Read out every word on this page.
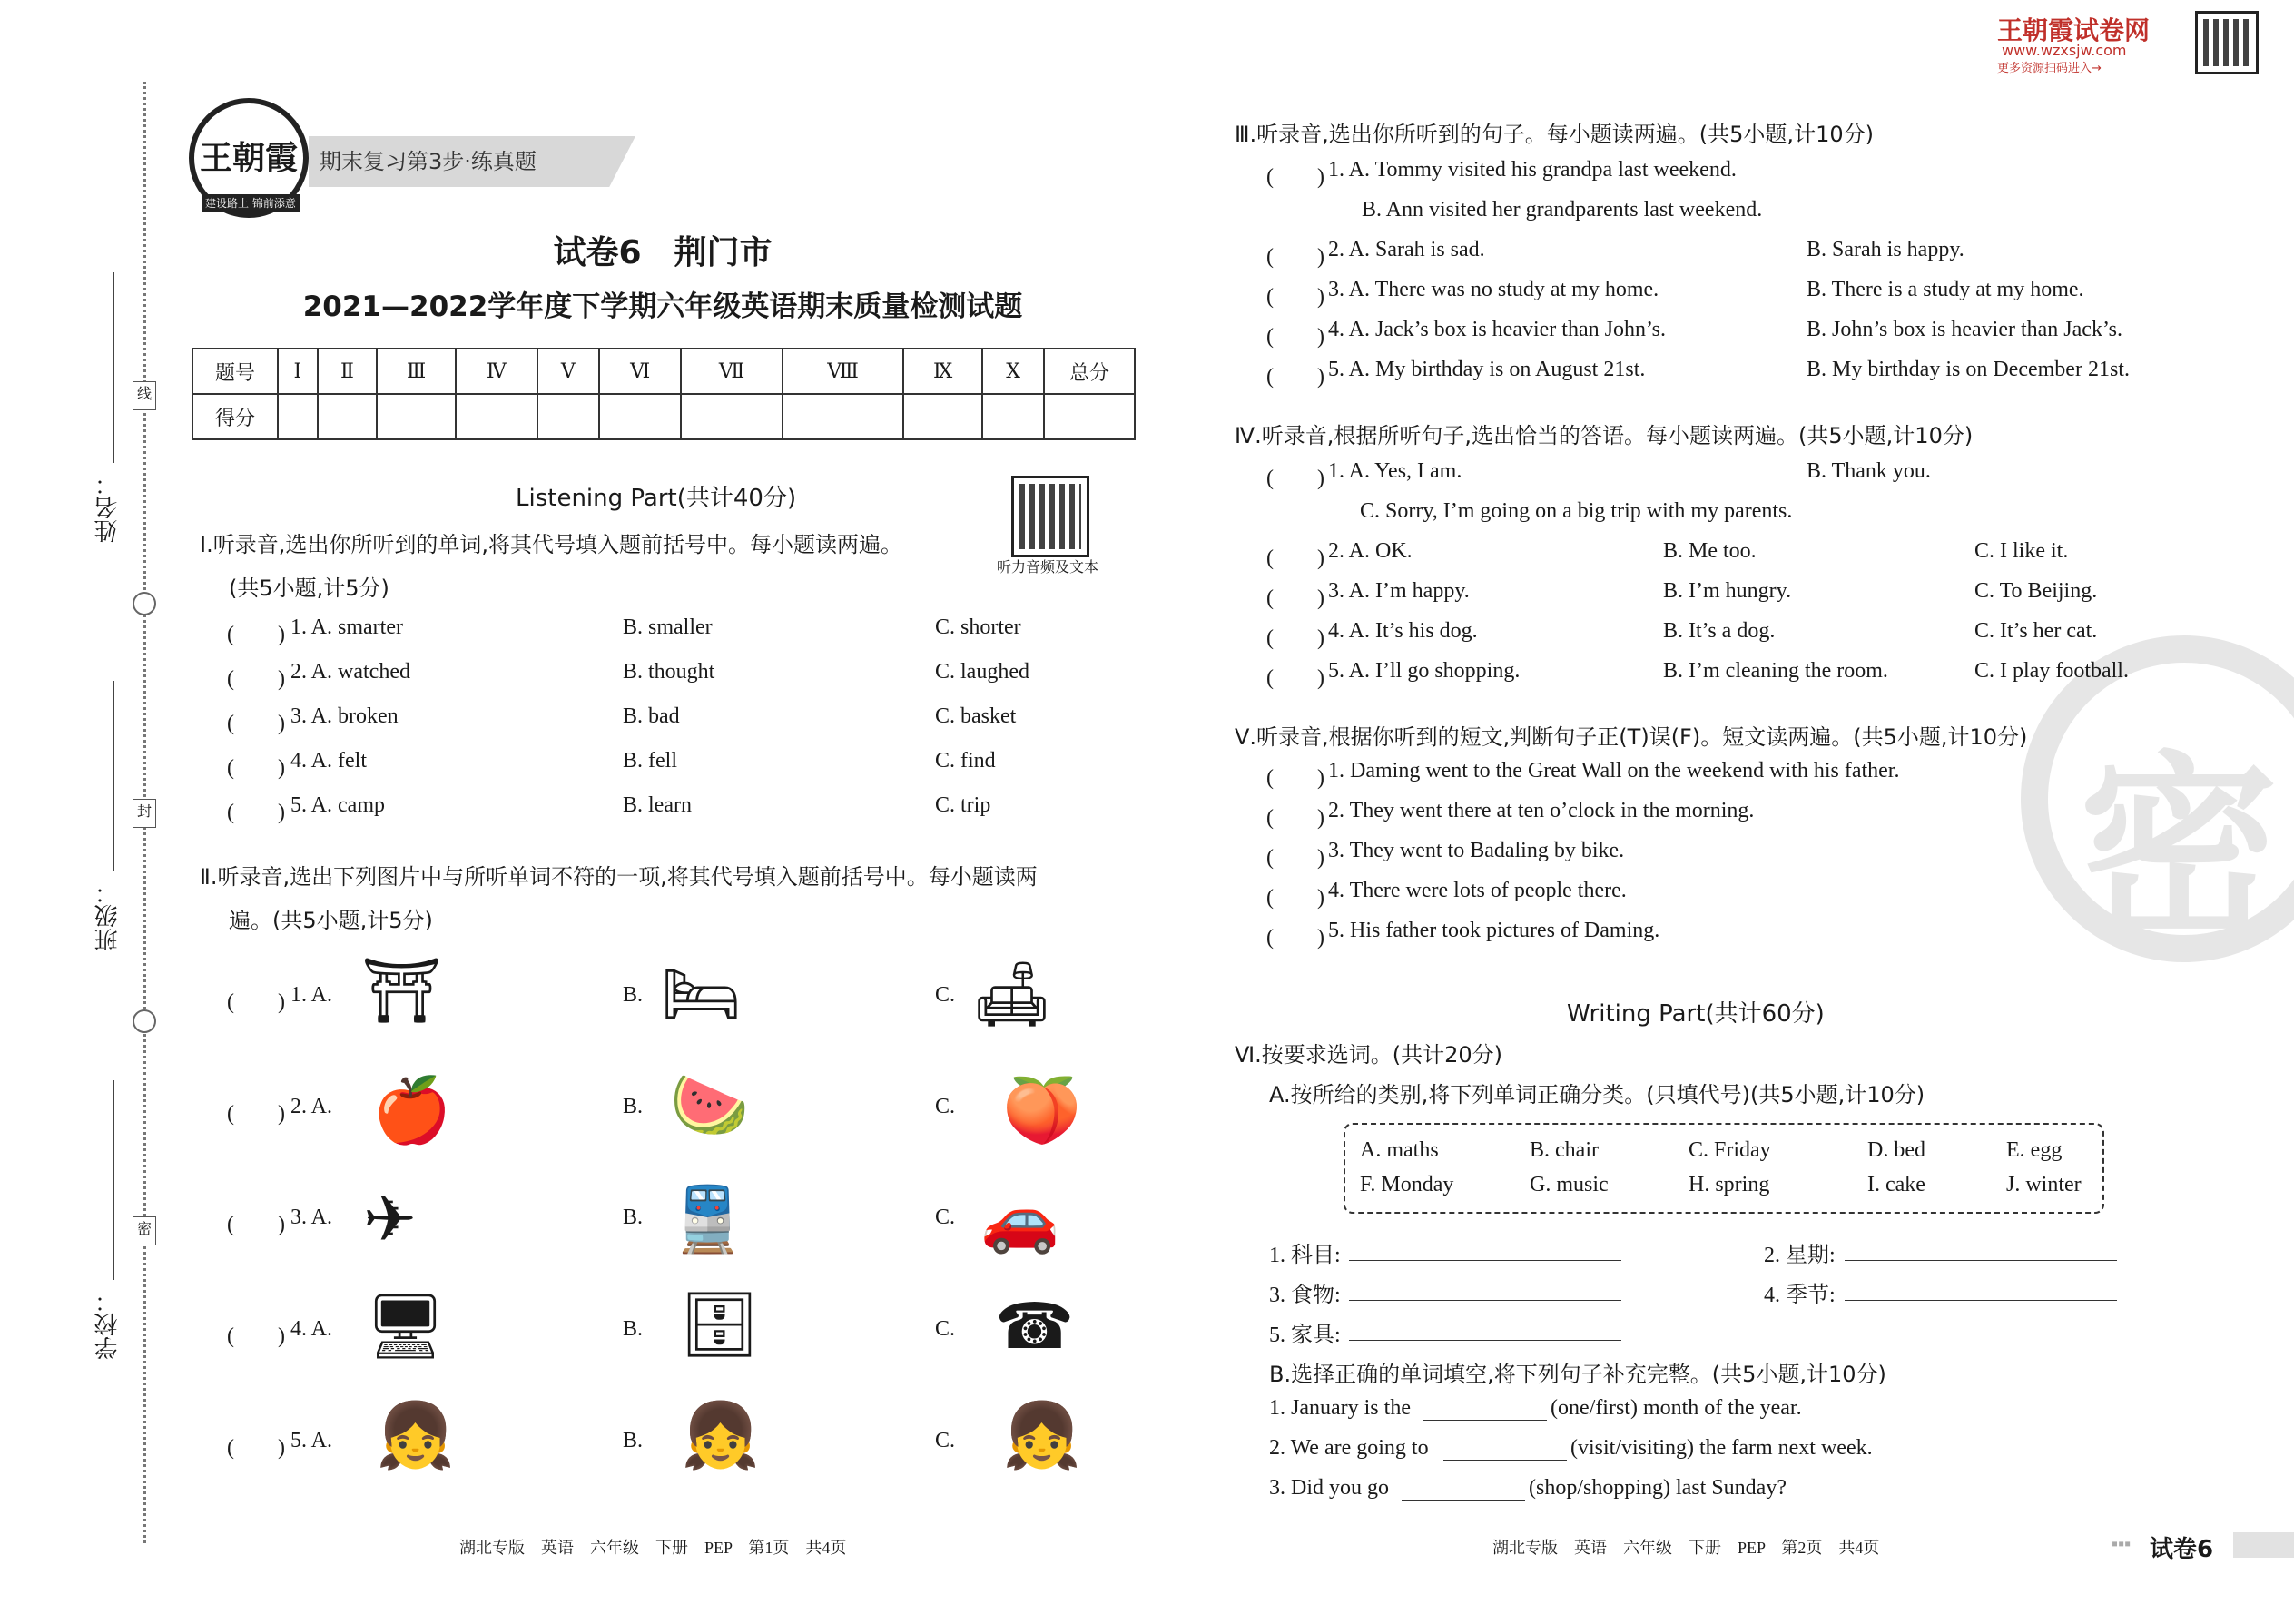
王朝霞试卷网
www.wzxsjw.com
更多资源扫码进入→
姓名：
班级：
学校：
线
封
密
王朝霞
建设路上 锦前添意
期末复习第3步·练真题
试卷6　荆门市
2021—2022学年度下学期六年级英语期末质量检测试题
题号	Ⅰ	Ⅱ	Ⅲ	Ⅳ	Ⅴ	Ⅵ	Ⅶ	Ⅷ	Ⅸ	Ⅹ	总分
得分											
Listening Part(共计40分)
听力音频及文本
Ⅰ.听录音,选出你所听到的单词,将其代号填入题前括号中。每小题读两遍。
(共5小题,计5分)
(　　) 1. A. smarter	B. smaller	C. shorter
(　　) 2. A. watched	B. thought	C. laughed
(　　) 3. A. broken	B. bad	C. basket
(　　) 4. A. felt	B. fell	C. find
(　　) 5. A. camp	B. learn	C. trip
Ⅱ.听录音,选出下列图片中与所听单词不符的一项,将其代号填入题前括号中。每小题读两
遍。(共5小题,计5分)
(　　) 1. A. ⛩	B. 🛏	C. 🛋
(　　) 2. A. 🍎	B. 🍉	C. 🍑
(　　) 3. A. ✈	B. 🚆	C. 🚗
(　　) 4. A. 🖥	B. 🗄	C. ☎
(　　) 5. A. 👧	B. 👧	C. 👧
密
Ⅲ.听录音,选出你所听到的句子。每小题读两遍。(共5小题,计10分)
(　　) 1. A. Tommy visited his grandpa last weekend.
B. Ann visited her grandparents last weekend.
(　　) 2. A. Sarah is sad.	B. Sarah is happy.
(　　) 3. A. There was no study at my home.	B. There is a study at my home.
(　　) 4. A. Jack’s box is heavier than John’s.	B. John’s box is heavier than Jack’s.
(　　) 5. A. My birthday is on August 21st.	B. My birthday is on December 21st.
Ⅳ.听录音,根据所听句子,选出恰当的答语。每小题读两遍。(共5小题,计10分)
(　　) 1. A. Yes, I am.	B. Thank you.
C. Sorry, I’m going on a big trip with my parents.
(　　) 2. A. OK.	B. Me too.	C. I like it.
(　　) 3. A. I’m happy.	B. I’m hungry.	C. To Beijing.
(　　) 4. A. It’s his dog.	B. It’s a dog.	C. It’s her cat.
(　　) 5. A. I’ll go shopping.	B. I’m cleaning the room.	C. I play football.
Ⅴ.听录音,根据你听到的短文,判断句子正(T)误(F)。短文读两遍。(共5小题,计10分)
(　　) 1. Daming went to the Great Wall on the weekend with his father.
(　　) 2. They went there at ten o’clock in the morning.
(　　) 3. They went to Badaling by bike.
(　　) 4. There were lots of people there.
(　　) 5. His father took pictures of Daming.
Writing Part(共计60分)
Ⅵ.按要求选词。(共计20分)
A.按所给的类别,将下列单词正确分类。(只填代号)(共5小题,计10分)
A. maths	B. chair	C. Friday	D. bed	E. egg
F. Monday	G. music	H. spring	I. cake	J. winter
1. 科目:	2. 星期:
3. 食物:	4. 季节:
5. 家具:
B.选择正确的单词填空,将下列句子补充完整。(共5小题,计10分)
1. January is the	(one/first) month of the year.
2. We are going to	(visit/visiting) the farm next week.
3. Did you go	(shop/shopping) last Sunday?
湖北专版　英语　六年级　下册　PEP　第1页　共4页	湖北专版　英语　六年级　下册　PEP　第2页　共4页	▪▪▪ 试卷6
